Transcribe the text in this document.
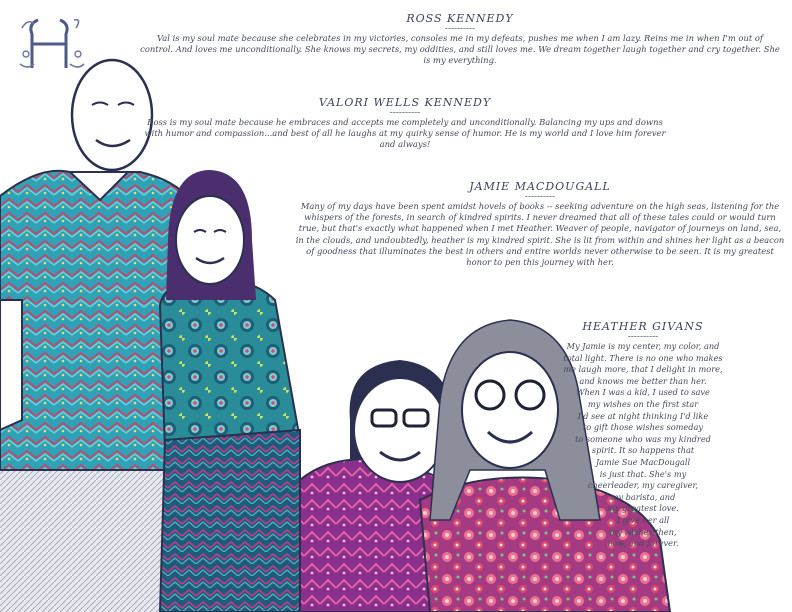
ROSS KENNEDY
----------
Val is my soul mate because she celebrates in my victories, consoles me in my defeats, pushes me when I am lazy. Reins me in when I'm out of control. And loves me unconditionally. She knows my secrets, my oddities, and still loves me. We dream together laugh together and cry together. She is my everything.
VALORI WELLS KENNEDY
----------
Ross is my soul mate because he embraces and accepts me completely and unconditionally. Balancing my ups and downs with humor and compassion...and best of all he laughs at my quirky sense of humor. He is my world and I love him forever and always!
JAMIE MACDOUGALL
----------
Many of my days have been spent amidst hovels of books -- seeking adventure on the high seas, listening for the whispers of the forests, in search of kindred spirits. I never dreamed that all of these tales could or would turn true, but that's exactly what happened when I met Heather. Weaver of people, navigator of journeys on land, sea, in the clouds, and undoubtedly, heather is my kindred spirit. She is lit from within and shines her light as a beacon of goodness that illuminates the best in others and entire worlds never otherwise to be seen. It is my greatest honor to pen this journey with her.
HEATHER GIVANS
----------
My Jamie is my center, my color, and
total light. There is no one who makes
me laugh more, that I delight in more,
and knows me better than her.
When I was a kid, I used to save
my wishes on the first star
I'd see at night thinking I'd like
to gift those wishes someday
to someone who was my kindred
spirit. It so happens that
Jamie Sue MacDougall
is just that. She's my
cheerleader, my caregiver,
my barista, and
my greatest love.
I give her all
my wishes then,
now, and forever.
